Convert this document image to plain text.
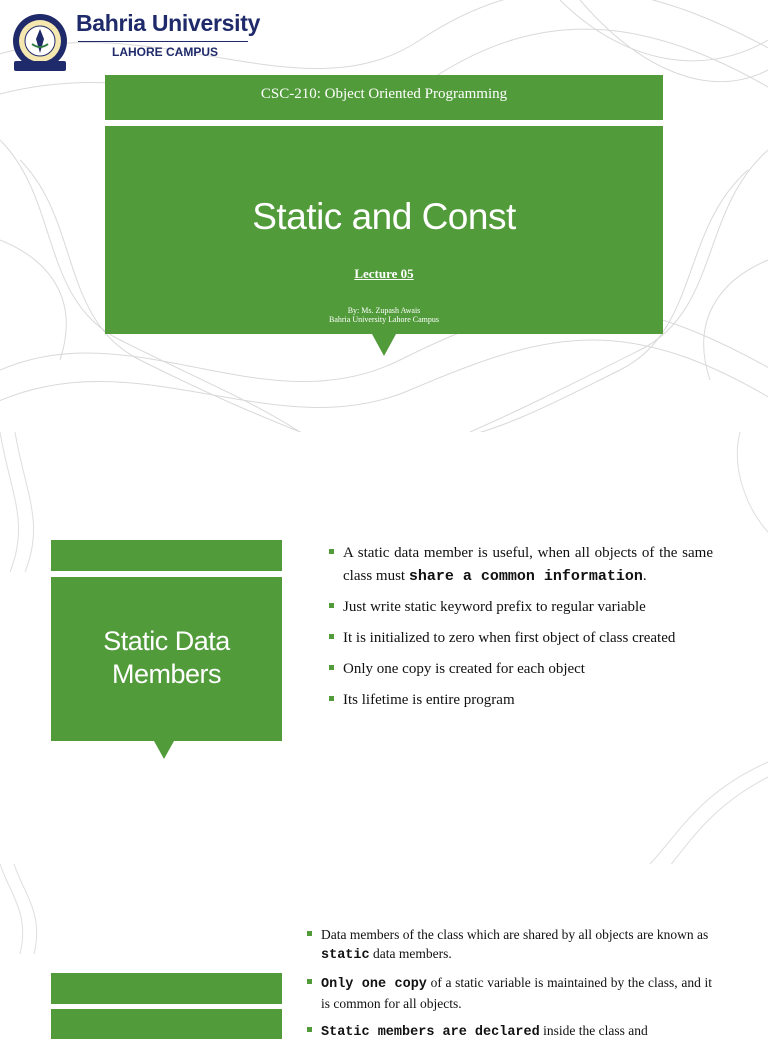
Bahria University
LAHORE CAMPUS
CSC-210: Object Oriented Programming
Static and Const
Lecture 05
By: Ms. Zupash Awais
Bahria University Lahore Campus
Static Data
Members
A static data member is useful, when all objects of the same class must share a common information.
Just write static keyword prefix to regular variable
It is initialized to zero when first object of class created
Only one copy is created for each object
Its lifetime is entire program
Data members of the class which are shared by all objects are known as static data members.
Only one copy of a static variable is maintained by the class, and it is common for all objects.
Static members are declared inside the class and
